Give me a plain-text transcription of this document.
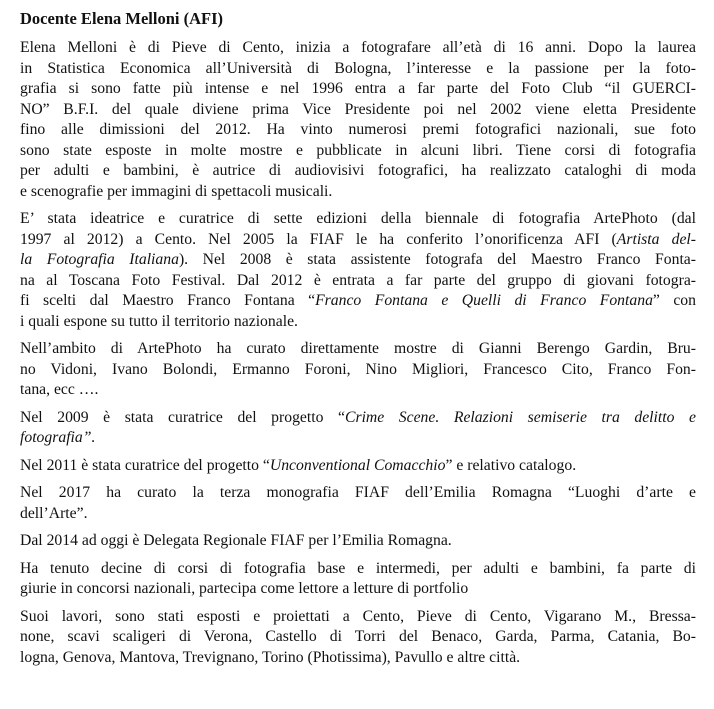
Docente Elena Melloni (AFI)
Elena Melloni è di Pieve di Cento, inizia a fotografare all’età di 16 anni. Dopo la laurea
in Statistica Economica all’Università di Bologna, l’interesse e la passione per la foto-
grafia si sono fatte più intense e nel 1996 entra a far parte del Foto Club “il GUERCI-
NO” B.F.I. del quale diviene prima Vice Presidente poi nel 2002 viene eletta Presidente
fino alle dimissioni del 2012. Ha vinto numerosi premi fotografici nazionali, sue foto
sono state esposte in molte mostre e pubblicate in alcuni libri. Tiene corsi di fotografia
per adulti e bambini, è autrice di audiovisivi fotografici, ha realizzato cataloghi di moda
e scenografie per immagini di spettacoli musicali.
E’ stata ideatrice e curatrice di sette edizioni della biennale di fotografia ArtePhoto (dal
1997 al 2012) a Cento. Nel 2005 la FIAF le ha conferito l’onorificenza AFI (Artista del-
la Fotografia Italiana). Nel 2008 è stata assistente fotografa del Maestro Franco Fonta-
na al Toscana Foto Festival. Dal 2012 è entrata a far parte del gruppo di giovani fotogra-
fi scelti dal Maestro Franco Fontana “Franco Fontana e Quelli di Franco Fontana” con
i quali espone su tutto il territorio nazionale.
Nell’ambito di ArtePhoto ha curato direttamente mostre di Gianni Berengo Gardin, Bru-
no Vidoni, Ivano Bolondi, Ermanno Foroni, Nino Migliori, Francesco Cito, Franco Fon-
tana, ecc ….
Nel 2009 è stata curatrice del progetto “Crime Scene. Relazioni semiserie tra delitto e
fotografia”.
Nel 2011 è stata curatrice del progetto “Unconventional Comacchio” e relativo catalogo.
Nel 2017 ha curato la terza monografia FIAF dell’Emilia Romagna “Luoghi d’arte e
dell’Arte”.
Dal 2014 ad oggi è Delegata Regionale FIAF per l’Emilia Romagna.
Ha tenuto decine di corsi di fotografia base e intermedi, per adulti e bambini, fa parte di
giurie in concorsi nazionali, partecipa come lettore a letture di portfolio
Suoi lavori, sono stati esposti e proiettati a Cento, Pieve di Cento, Vigarano M., Bressa-
none, scavi scaligeri di Verona, Castello di Torri del Benaco, Garda, Parma, Catania, Bo-
logna, Genova, Mantova, Trevignano, Torino (Photissima), Pavullo e altre città.
